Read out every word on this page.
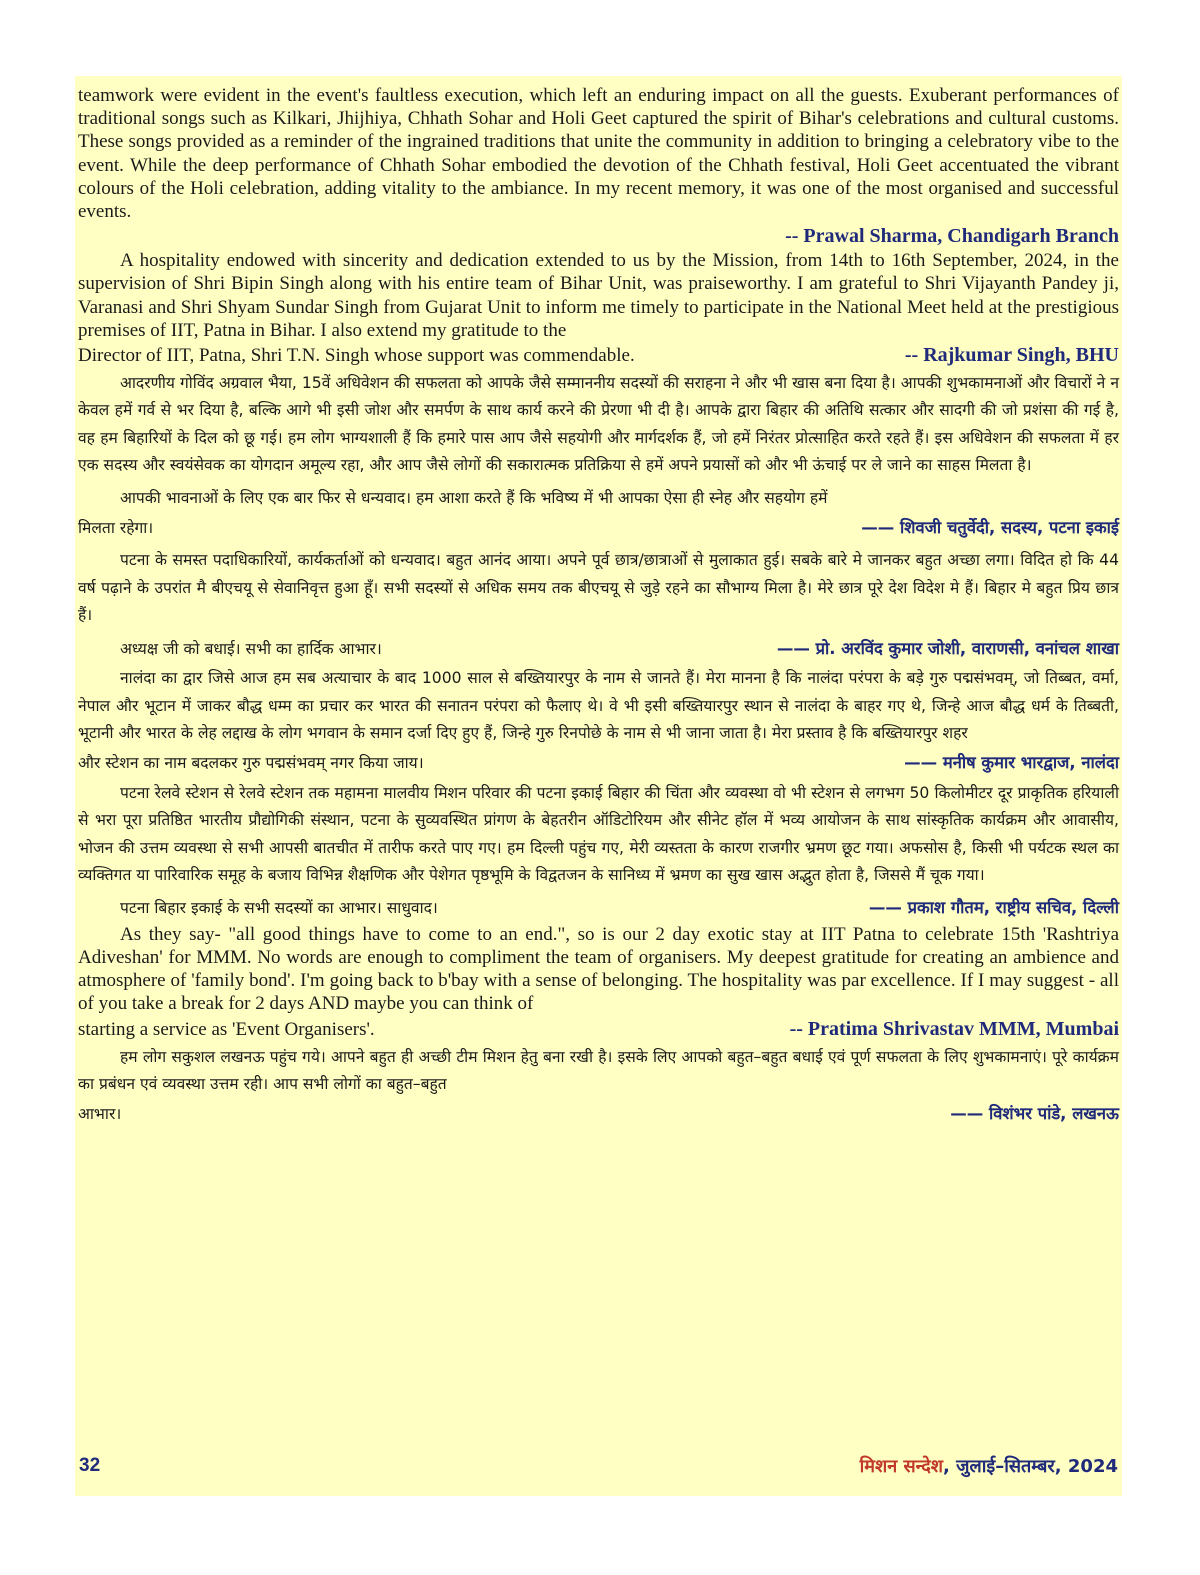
teamwork were evident in the event's faultless execution, which left an enduring impact on all the guests. Exuberant performances of traditional songs such as Kilkari, Jhijhiya, Chhath Sohar and Holi Geet captured the spirit of Bihar's celebrations and cultural customs. These songs provided as a reminder of the ingrained traditions that unite the community in addition to bringing a celebratory vibe to the event. While the deep performance of Chhath Sohar embodied the devotion of the Chhath festival, Holi Geet accentuated the vibrant colours of the Holi celebration, adding vitality to the ambiance. In my recent memory, it was one of the most organised and successful events.

-- Prawal Sharma, Chandigarh Branch

A hospitality endowed with sincerity and dedication extended to us by the Mission, from 14th to 16th September, 2024, in the supervision of Shri Bipin Singh along with his entire team of Bihar Unit, was praiseworthy. I am grateful to Shri Vijayanth Pandey ji, Varanasi and Shri Shyam Sundar Singh from Gujarat Unit to inform me timely to participate in the National Meet held at the prestigious premises of IIT, Patna in Bihar. I also extend my gratitude to the

Director of IIT, Patna, Shri T.N. Singh whose support was commendable.	-- Rajkumar Singh, BHU

आदरणीय गोविंद अग्रवाल भैया, 15वें अधिवेशन की सफलता को आपके जैसे सम्माननीय सदस्यों की सराहना ने और भी खास बना दिया है। आपकी शुभकामनाओं और विचारों ने न केवल हमें गर्व से भर दिया है, बल्कि आगे भी इसी जोश और समर्पण के साथ कार्य करने की प्रेरणा भी दी है। आपके द्वारा बिहार की अतिथि सत्कार और सादगी की जो प्रशंसा की गई है, वह हम बिहारियों के दिल को छू गई। हम लोग भाग्यशाली हैं कि हमारे पास आप जैसे सहयोगी और मार्गदर्शक हैं, जो हमें निरंतर प्रोत्साहित करते रहते हैं। इस अधिवेशन की सफलता में हर एक सदस्य और स्वयंसेवक का योगदान अमूल्य रहा, और आप जैसे लोगों की सकारात्मक प्रतिक्रिया से हमें अपने प्रयासों को और भी ऊंचाई पर ले जाने का साहस मिलता है।

आपकी भावनाओं के लिए एक बार फिर से धन्यवाद। हम आशा करते हैं कि भविष्य में भी आपका ऐसा ही स्नेह और सहयोग हमें

मिलता रहेगा।	—— शिवजी चतुर्वेदी, सदस्य, पटना इकाई

पटना के समस्त पदाधिकारियों, कार्यकर्ताओं को धन्यवाद। बहुत आनंद आया। अपने पूर्व छात्र/छात्राओं से मुलाकात हुई। सबके बारे मे जानकर बहुत अच्छा लगा। विदित हो कि 44 वर्ष पढ़ाने के उपरांत मै बीएचयू से सेवानिवृत्त हुआ हूँ। सभी सदस्यों से अधिक समय तक बीएचयू से जुड़े रहने का सौभाग्य मिला है। मेरे छात्र पूरे देश विदेश मे हैं। बिहार मे बहुत प्रिय छात्र हैं।

अध्यक्ष जी को बधाई। सभी का हार्दिक आभार।	—— प्रो. अरविंद कुमार जोशी, वाराणसी, वनांचल शाखा

नालंदा का द्वार जिसे आज हम सब अत्याचार के बाद 1000 साल से बख्तियारपुर के नाम से जानते हैं। मेरा मानना है कि नालंदा परंपरा के बड़े गुरु पद्मसंभवम्, जो तिब्बत, वर्मा, नेपाल और भूटान में जाकर बौद्ध धम्म का प्रचार कर भारत की सनातन परंपरा को फैलाए थे। वे भी इसी बख्तियारपुर स्थान से नालंदा के बाहर गए थे, जिन्हे आज बौद्ध धर्म के तिब्बती, भूटानी और भारत के लेह लद्दाख के लोग भगवान के समान दर्जा दिए हुए हैं, जिन्हे गुरु रिनपोछे के नाम से भी जाना जाता है। मेरा प्रस्ताव है कि बख्तियारपुर शहर

और स्टेशन का नाम बदलकर गुरु पद्मसंभवम् नगर किया जाय।	—— मनीष कुमार भारद्वाज, नालंदा

पटना रेलवे स्टेशन से रेलवे स्टेशन तक महामना मालवीय मिशन परिवार की पटना इकाई बिहार की चिंता और व्यवस्था वो भी स्टेशन से लगभग 50 किलोमीटर दूर प्राकृतिक हरियाली से भरा पूरा प्रतिष्ठित भारतीय प्रौद्योगिकी संस्थान, पटना के सुव्यवस्थित प्रांगण के बेहतरीन ऑडिटोरियम और सीनेट हॉल में भव्य आयोजन के साथ सांस्कृतिक कार्यक्रम और आवासीय, भोजन की उत्तम व्यवस्था से सभी आपसी बातचीत में तारीफ करते पाए गए। हम दिल्ली पहुंच गए, मेरी व्यस्तता के कारण राजगीर भ्रमण छूट गया। अफसोस है, किसी भी पर्यटक स्थल का व्यक्तिगत या पारिवारिक समूह के बजाय विभिन्न शैक्षणिक और पेशेगत पृष्ठभूमि के विद्वतजन के सानिध्य में भ्रमण का सुख खास अद्भुत होता है, जिससे मैं चूक गया।

पटना बिहार इकाई के सभी सदस्यों का आभार। साधुवाद।	—— प्रकाश गौतम, राष्ट्रीय सचिव, दिल्ली

As they say- "all good things have to come to an end.", so is our 2 day exotic stay at IIT Patna to celebrate 15th 'Rashtriya Adiveshan' for MMM. No words are enough to compliment the team of organisers. My deepest gratitude for creating an ambience and atmosphere of 'family bond'. I'm going back to b'bay with a sense of belonging. The hospitality was par excellence. If I may suggest - all of you take a break for 2 days AND maybe you can think of

starting a service as 'Event Organisers'.	-- Pratima Shrivastav MMM, Mumbai

हम लोग सकुशल लखनऊ पहुंच गये। आपने बहुत ही अच्छी टीम मिशन हेतु बना रखी है। इसके लिए आपको बहुत–बहुत बधाई एवं पूर्ण सफलता के लिए शुभकामनाएं। पूरे कार्यक्रम का प्रबंधन एवं व्यवस्था उत्तम रही। आप सभी लोगों का बहुत–बहुत

आभार।	—— विशंभर पांडे, लखनऊ
32	मिशन सन्देश, जुलाई–सितम्बर, 2024
